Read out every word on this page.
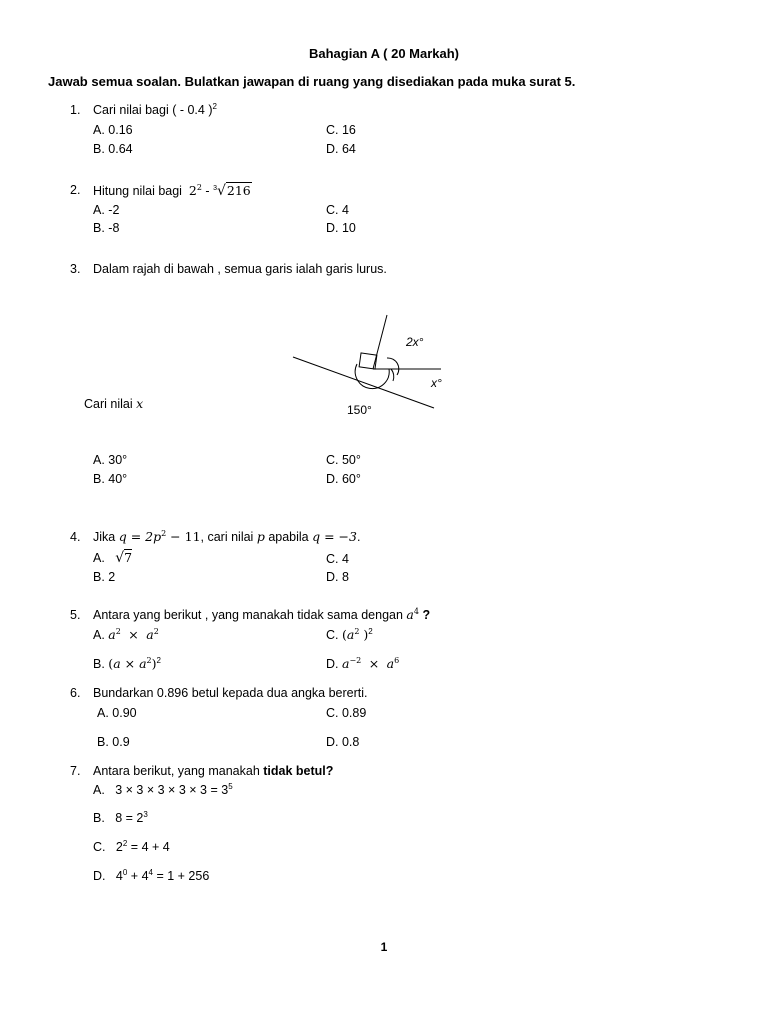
Bahagian A ( 20 Markah)
Jawab semua soalan. Bulatkan jawapan di ruang yang disediakan pada muka surat 5.
1. Cari nilai bagi ( - 0.4 )$^2$
A. 0.16	C. 16
B. 0.64	D. 64
2. Hitung nilai bagi $2^2 - ^3√216$
A. -2	C. 4
B. -8	D. 10
3. Dalam rajah di bawah , semua garis ialah garis lurus.
2x°
x°
150°
Cari nilai x
A. 30°	C. 50°
B. 40°	D. 60°
4. Jika $q = 2p^2 - 11$, cari nilai p apabila q = −3.
A. √7	C. 4
B. 2	D. 8
5. Antara yang berikut , yang manakah tidak sama dengan $a^4$ ?
A. $a^2 \times a^2$	C. ($a^2$ )$^2$
B. $(a \times a^2)^2$	D. $a^{-2} \times a^6$
6. Bundarkan 0.896 betul kepada dua angka bererti.
A. 0.90	C. 0.89
B. 0.9	D. 0.8
7. Antara berikut, yang manakah tidak betul?
A. $3 \times 3 \times 3 \times 3 \times 3 = 3^5$
B. $8 = 2^3$
C. $2^2 = 4 + 4$
D. $4^0 + 4^4 = 1 + 256$
1
